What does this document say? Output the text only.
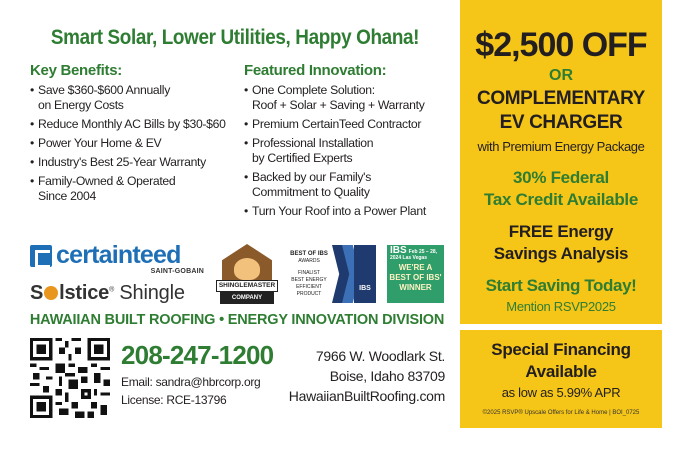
Smart Solar, Lower Utilities, Happy Ohana!
Key Benefits:
• Save $360-$600 Annually
on Energy Costs
• Reduce Monthly AC Bills by $30-$60
• Power Your Home & EV
• Industry's Best 25-Year Warranty
• Family-Owned & Operated
Since 2004
Featured Innovation:
• One Complete Solution:
Roof + Solar + Saving + Warranty
• Premium CertainTeed Contractor
• Professional Installation
by Certified Experts
• Backed by our Family's
Commitment to Quality
• Turn Your Roof into a Power Plant
certainteed
SAINT-GOBAIN
S lstice® Shingle	SHINGLEMASTER
COMPANY
BEST OF IBS
AWARDS
FINALIST
BEST ENERGY
EFFICIENT
PRODUCT
IBS
IBS Feb 25 – 28, 2024 Las Vegas
WE'RE A
BEST OF IBS'
WINNER
HAWAIIAN BUILT ROOFING • ENERGY INNOVATION DIVISION
208-247-1200
Email: sandra@hbrcorp.org
License: RCE-13796
7966 W. Woodlark St.
Boise, Idaho 83709
HawaiianBuiltRoofing.com
$2,500 OFF
OR
COMPLEMENTARY
EV CHARGER
with Premium Energy Package
30% Federal
Tax Credit Available
FREE Energy
Savings Analysis
Start Saving Today!
Mention RSVP2025
Special Financing
Available
as low as 5.99% APR
©2025 RSVP® Upscale Offers for Life & Home | BOI_0725
